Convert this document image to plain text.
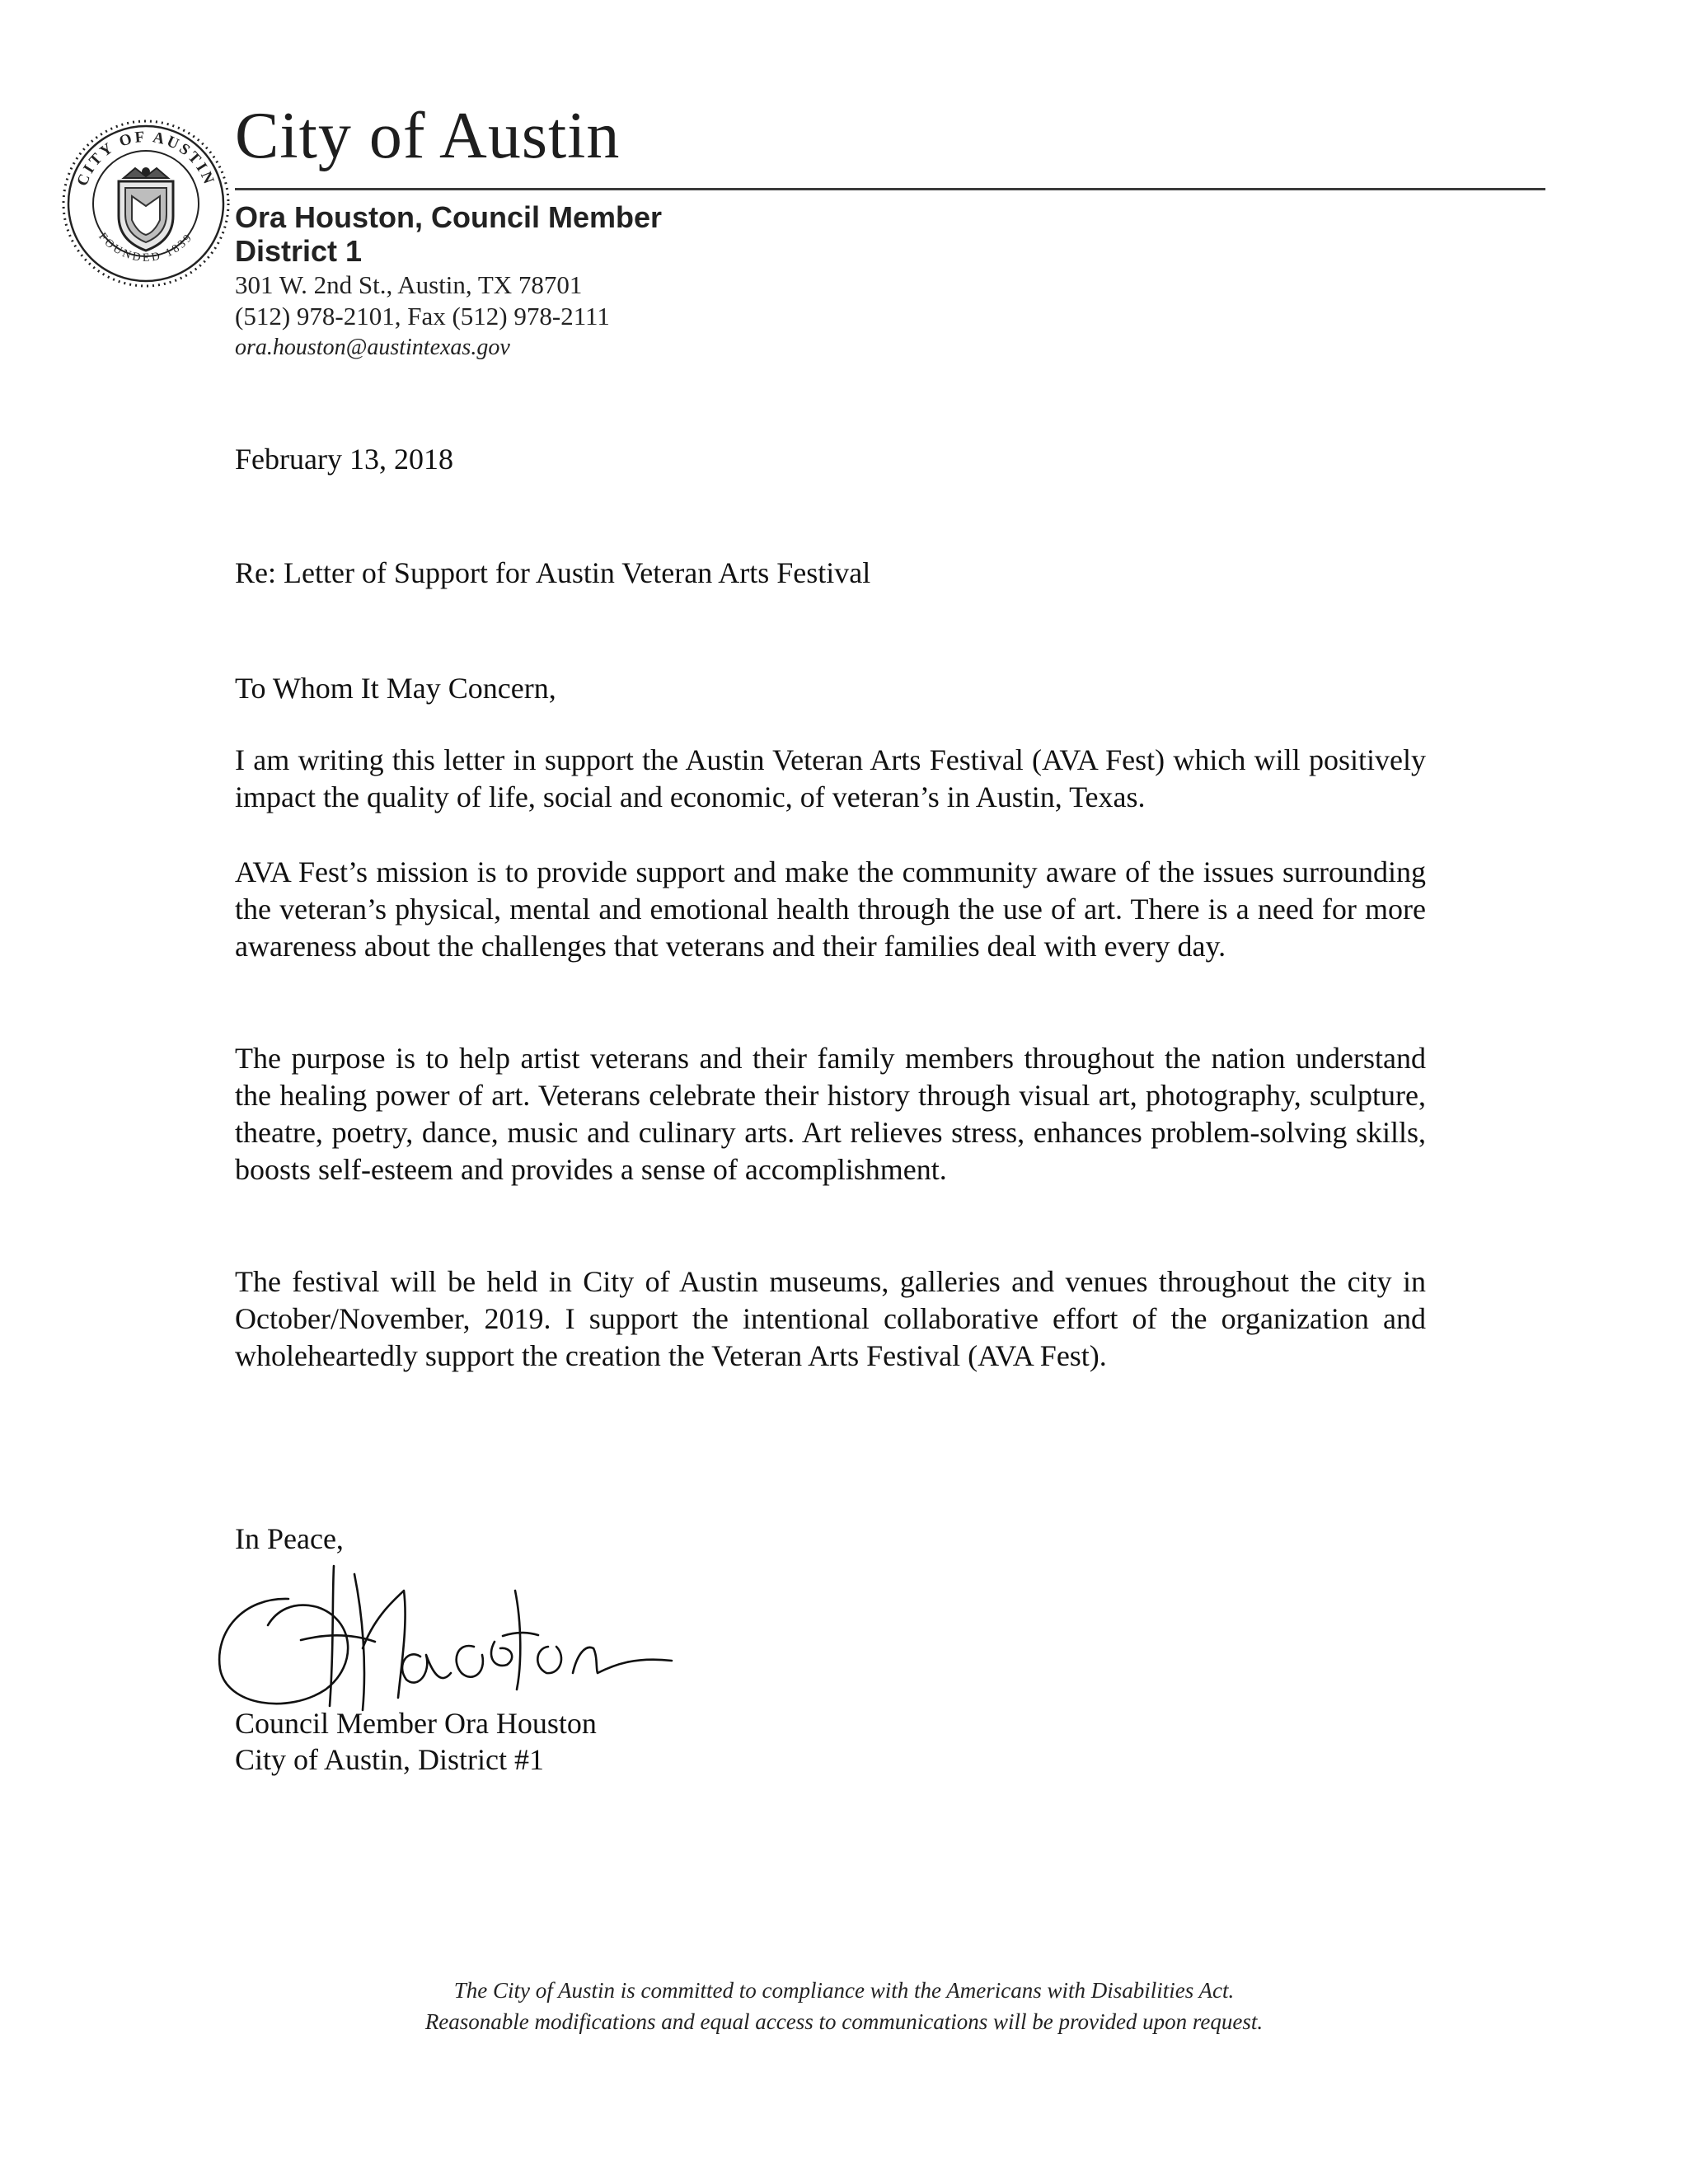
CITY OF AUSTIN
FOUNDED 1839
City of Austin
Ora Houston, Council Member
District 1
301 W. 2nd St., Austin, TX 78701
(512) 978-2101, Fax (512) 978-2111
ora.houston@austintexas.gov
February 13, 2018
Re: Letter of Support for Austin Veteran Arts Festival
To Whom It May Concern,

I am writing this letter in support the Austin Veteran Arts Festival (AVA Fest) which will positively impact the quality of life, social and economic, of veteran’s in Austin, Texas.

AVA Fest’s mission is to provide support and make the community aware of the issues surrounding the veteran’s physical, mental and emotional health through the use of art. There is a need for more awareness about the challenges that veterans and their families deal with every day.

The purpose is to help artist veterans and their family members throughout the nation understand the healing power of art. Veterans celebrate their history through visual art, photography, sculpture, theatre, poetry, dance, music and culinary arts. Art relieves stress, enhances problem-solving skills, boosts self-esteem and provides a sense of accomplishment.

The festival will be held in City of Austin museums, galleries and venues throughout the city in October/November, 2019. I support the intentional collaborative effort of the organization and wholeheartedly support the creation the Veteran Arts Festival (AVA Fest).

In Peace,
Council Member Ora Houston
City of Austin, District #1
The City of Austin is committed to compliance with the Americans with Disabilities Act.
Reasonable modifications and equal access to communications will be provided upon request.
